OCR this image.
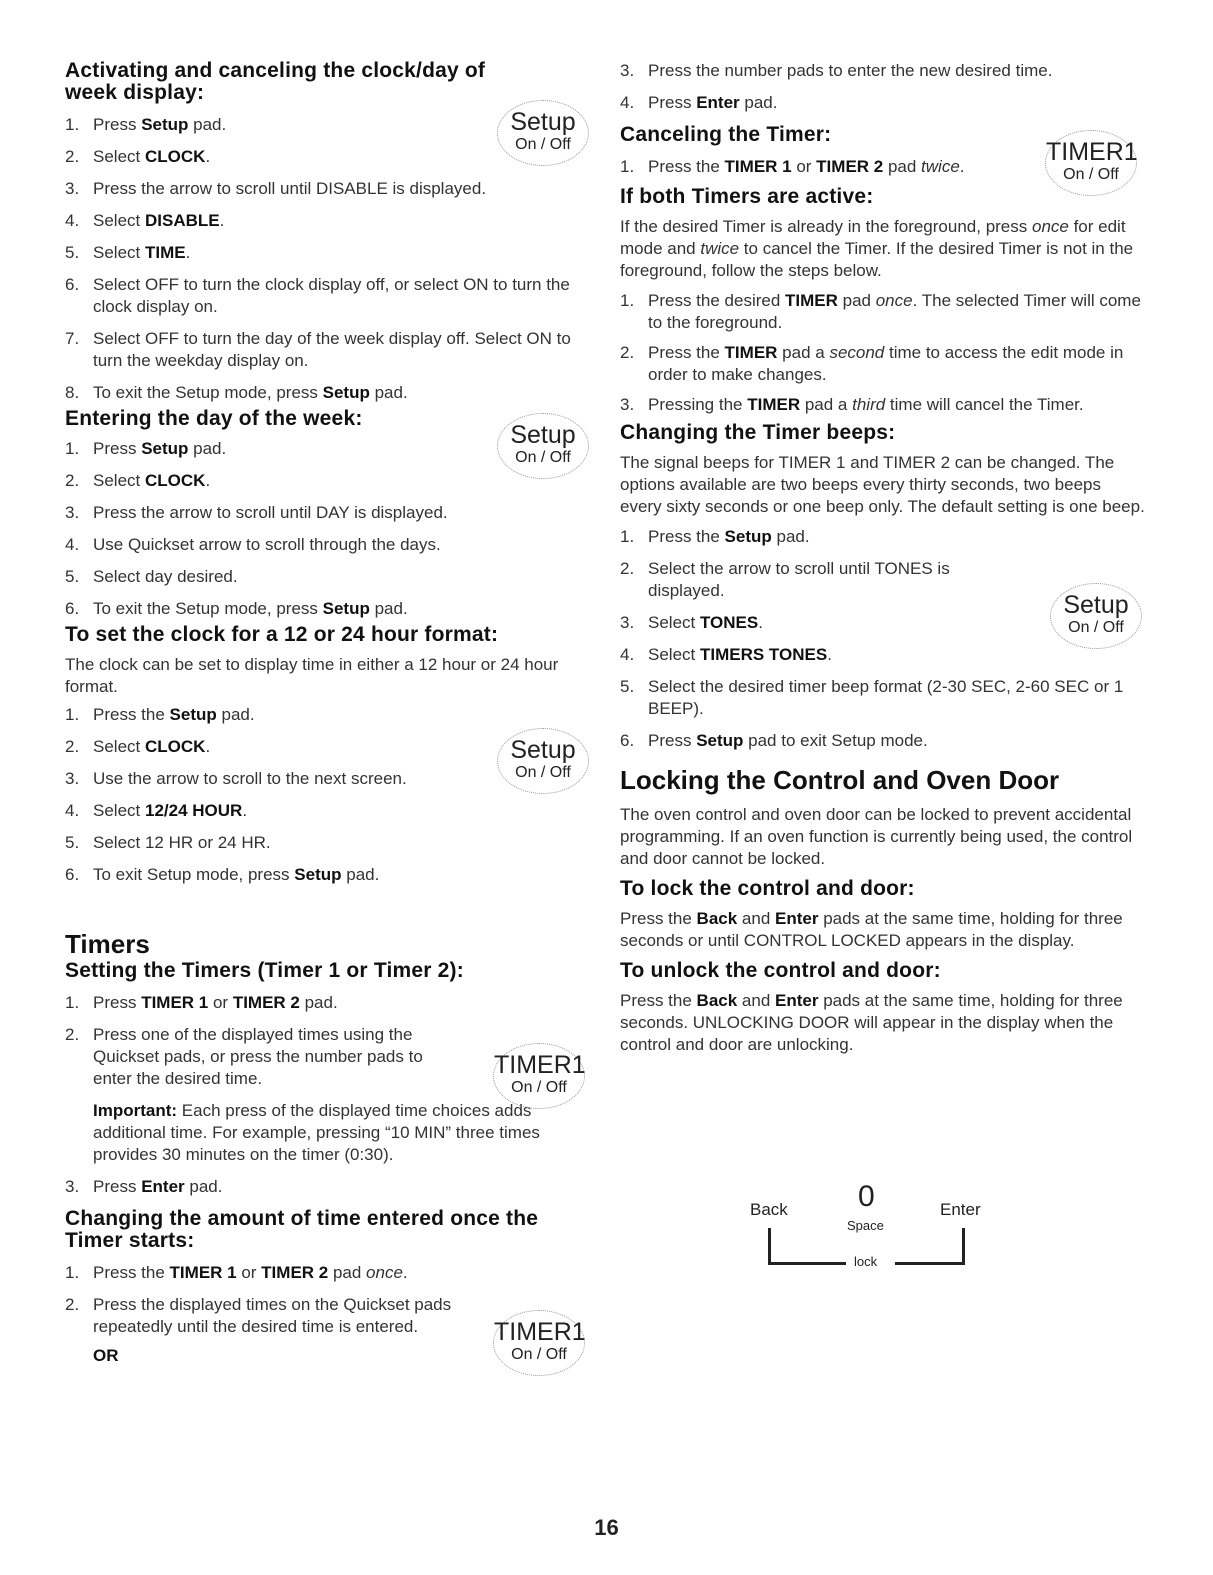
Activating and canceling the clock/day of week display:

1. Press Setup pad.

2. Select CLOCK.

3. Press the arrow to scroll until DISABLE is displayed.

4. Select DISABLE.

5. Select TIME.

6. Select OFF to turn the clock display off, or select ON to turn the clock display on.

7. Select OFF to turn the day of the week display off. Select ON to turn the weekday display on.

8. To exit the Setup mode, press Setup pad.

Entering the day of the week:

1. Press Setup pad.

2. Select CLOCK.

3. Press the arrow to scroll until DAY is displayed.

4. Use Quickset arrow to scroll through the days.

5. Select day desired.

6. To exit the Setup mode, press Setup pad.

To set the clock for a 12 or 24 hour format:

The clock can be set to display time in either a 12 hour or 24 hour format.

1. Press the Setup pad.

2. Select CLOCK.

3. Use the arrow to scroll to the next screen.

4. Select 12/24 HOUR.

5. Select 12 HR or 24 HR.

6. To exit Setup mode, press Setup pad.

Timers

Setting the Timers (Timer 1 or Timer 2):

1. Press TIMER 1 or TIMER 2 pad.

2. Press one of the displayed times using the Quickset pads, or press the number pads to enter the desired time.

Important: Each press of the displayed time choices adds additional time. For example, pressing “10 MIN” three times provides 30 minutes on the timer (0:30).

3. Press Enter pad.

Changing the amount of time entered once the Timer starts:

1. Press the TIMER 1 or TIMER 2 pad once.

2. Press the displayed times on the Quickset pads repeatedly until the desired time is entered.

OR

3. Press the number pads to enter the new desired time.

4. Press Enter pad.

Canceling the Timer:

1. Press the TIMER 1 or TIMER 2 pad twice.

If both Timers are active:

If the desired Timer is already in the foreground, press once for edit mode and twice to cancel the Timer. If the desired Timer is not in the foreground, follow the steps below.

1. Press the desired TIMER pad once. The selected Timer will come to the foreground.

2. Press the TIMER pad a second time to access the edit mode in order to make changes.

3. Pressing the TIMER pad a third time will cancel the Timer.

Changing the Timer beeps:

The signal beeps for TIMER 1 and TIMER 2 can be changed. The options available are two beeps every thirty seconds, two beeps every sixty seconds or one beep only. The default setting is one beep.

1. Press the Setup pad.

2. Select the arrow to scroll until TONES is displayed.

3. Select TONES.

4. Select TIMERS TONES.

5. Select the desired timer beep format (2-30 SEC, 2-60 SEC or 1 BEEP).

6. Press Setup pad to exit Setup mode.

Locking the Control and Oven Door

The oven control and oven door can be locked to prevent accidental programming. If an oven function is currently being used, the control and door cannot be locked.

To lock the control and door:

Press the Back and Enter pads at the same time, holding for three seconds or until CONTROL LOCKED appears in the display.

To unlock the control and door:

Press the Back and Enter pads at the same time, holding for three seconds. UNLOCKING DOOR will appear in the display when the control and door are unlocking.

Setup
On / Off
Setup
On / Off
Setup
On / Off
TIMER1
On / Off
TIMER1
On / Off
TIMER1
On / Off
Setup
On / Off
Back 0
Space
Enter
lock
16
